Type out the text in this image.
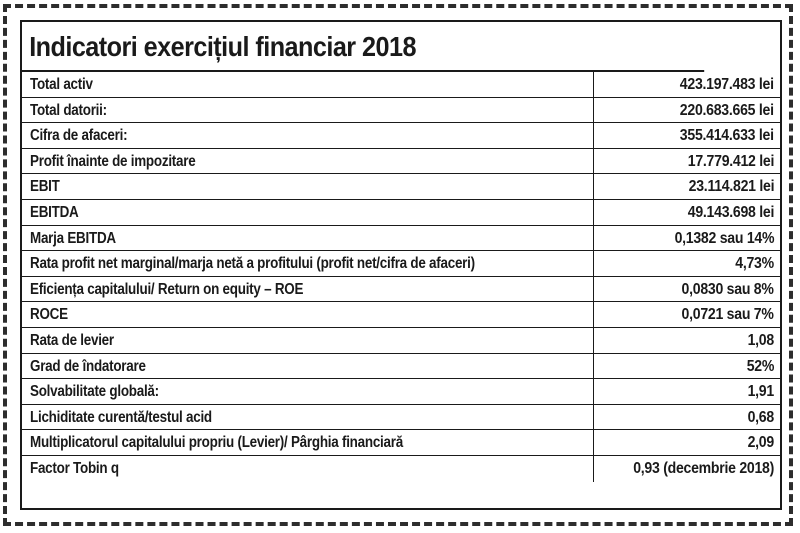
Indicatori exercițiul financiar 2018
Total activ	423.197.483 lei
Total datorii:	220.683.665 lei
Cifra de afaceri:	355.414.633 lei
Profit înainte de impozitare	17.779.412 lei
EBIT	23.114.821 lei
EBITDA	49.143.698 lei
Marja EBITDA	0,1382 sau 14%
Rata profit net marginal/marja netă a profitului (profit net/cifra de afaceri)	4,73%
Eficiența capitalului/ Return on equity – ROE	0,0830 sau 8%
ROCE	0,0721 sau 7%
Rata de levier	1,08
Grad de îndatorare	52%
Solvabilitate globală:	1,91
Lichiditate curentă/testul acid	0,68
Multiplicatorul capitalului propriu (Levier)/ Pârghia financiară	2,09
Factor Tobin q	0,93 (decembrie 2018)
